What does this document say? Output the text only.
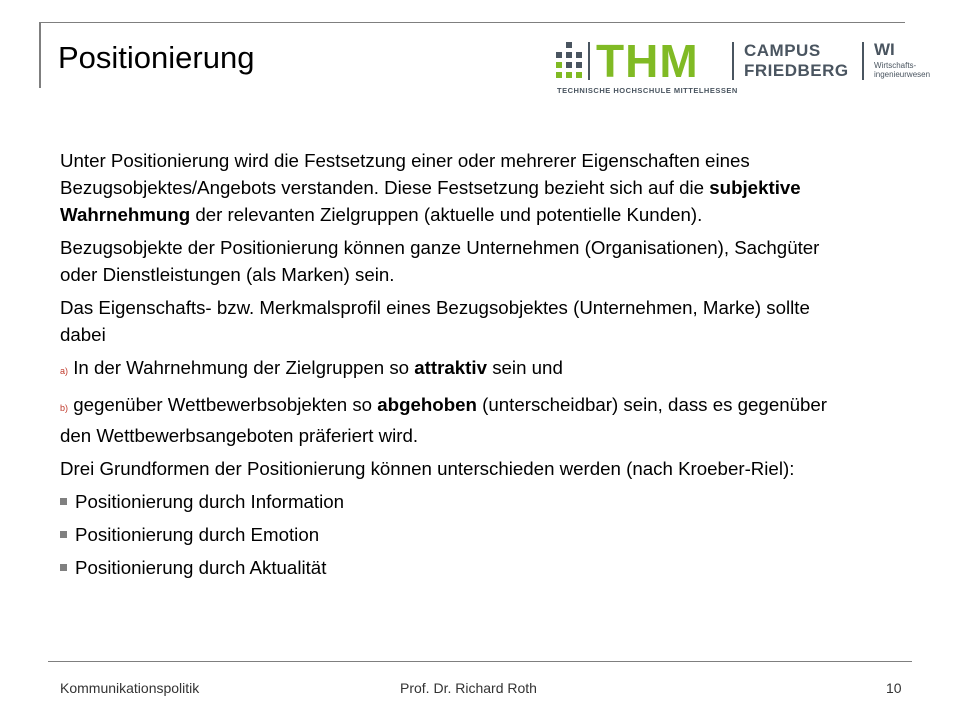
Positionierung	THM
TECHNISCHE HOCHSCHULE MITTELHESSEN
CAMPUS
FRIEDBERG
WI
Wirtschafts-
ingenieurwesen

Unter Positionierung wird die Festsetzung einer oder mehrerer Eigenschaften eines Bezugsobjektes/Angebots verstanden. Diese Festsetzung bezieht sich auf die subjektive Wahrnehmung der relevanten Zielgruppen (aktuelle und potentielle Kunden).

Bezugsobjekte der Positionierung können ganze Unternehmen (Organisationen), Sachgüter oder Dienstleistungen (als Marken) sein.

Das Eigenschafts- bzw. Merkmalsprofil eines Bezugsobjektes (Unternehmen, Marke) sollte dabei

a) In der Wahrnehmung der Zielgruppen so attraktiv sein und

b) gegenüber Wettbewerbsobjekten so abgehoben (unterscheidbar) sein, dass es gegenüber den Wettbewerbsangeboten präferiert wird.

Drei Grundformen der Positionierung können unterschieden werden (nach Kroeber-Riel):

Positionierung durch Information
Positionierung durch Emotion
Positionierung durch Aktualität
Kommunikationspolitik	Prof. Dr. Richard Roth	10
